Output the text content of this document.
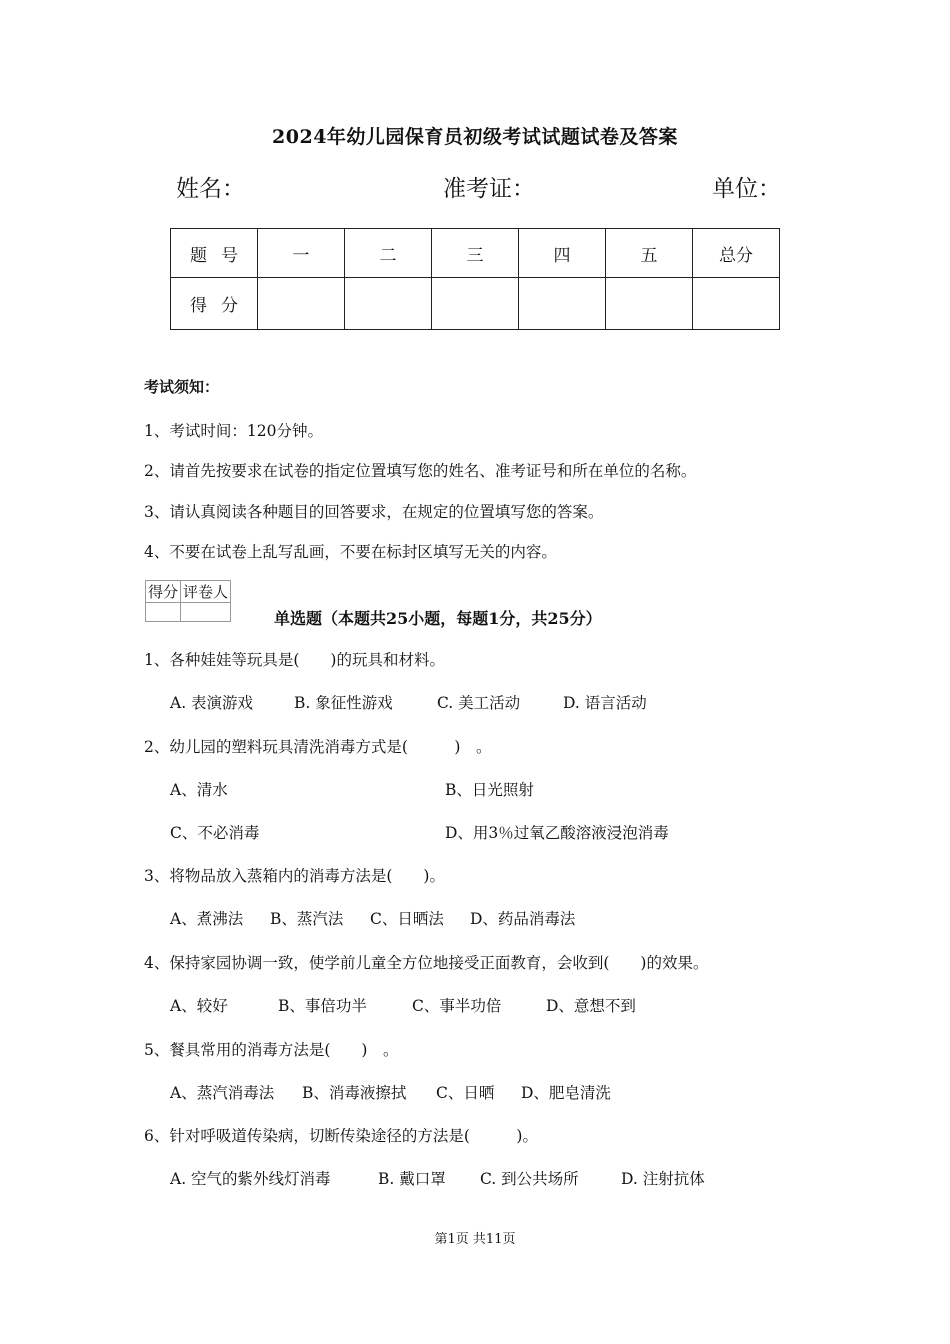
2024年幼儿园保育员初级考试试题试卷及答案
姓名：	准考证：	单位：
题号	一	二	三	四	五	总分
得分						
考试须知：
1、考试时间：120分钟。
2、请首先按要求在试卷的指定位置填写您的姓名、准考证号和所在单位的名称。
3、请认真阅读各种题目的回答要求，在规定的位置填写您的答案。
4、不要在试卷上乱写乱画，不要在标封区填写无关的内容。
得分	评卷人

单选题（本题共25小题，每题1分，共25分）
1、各种娃娃等玩具是(　　)的玩具和材料。
A. 表演游戏	B. 象征性游戏	C. 美工活动	D. 语言活动
2、幼儿园的塑料玩具清洗消毒方式是(　　　)　。
A、清水	B、日光照射
C、不必消毒	D、用3％过氧乙酸溶液浸泡消毒
3、将物品放入蒸箱内的消毒方法是(　　)。
A、煮沸法 B、蒸汽法 C、日晒法 D、药品消毒法
4、保持家园协调一致，使学前儿童全方位地接受正面教育，会收到(　　)的效果。
A、较好	B、事倍功半	C、事半功倍	D、意想不到
5、餐具常用的消毒方法是(　　)　。
A、蒸汽消毒法 B、消毒液擦拭 C、日晒 D、肥皂清洗
6、针对呼吸道传染病，切断传染途径的方法是(　　　)。
A. 空气的紫外线灯消毒	B. 戴口罩 C. 到公共场所	D. 注射抗体
第1页 共11页
